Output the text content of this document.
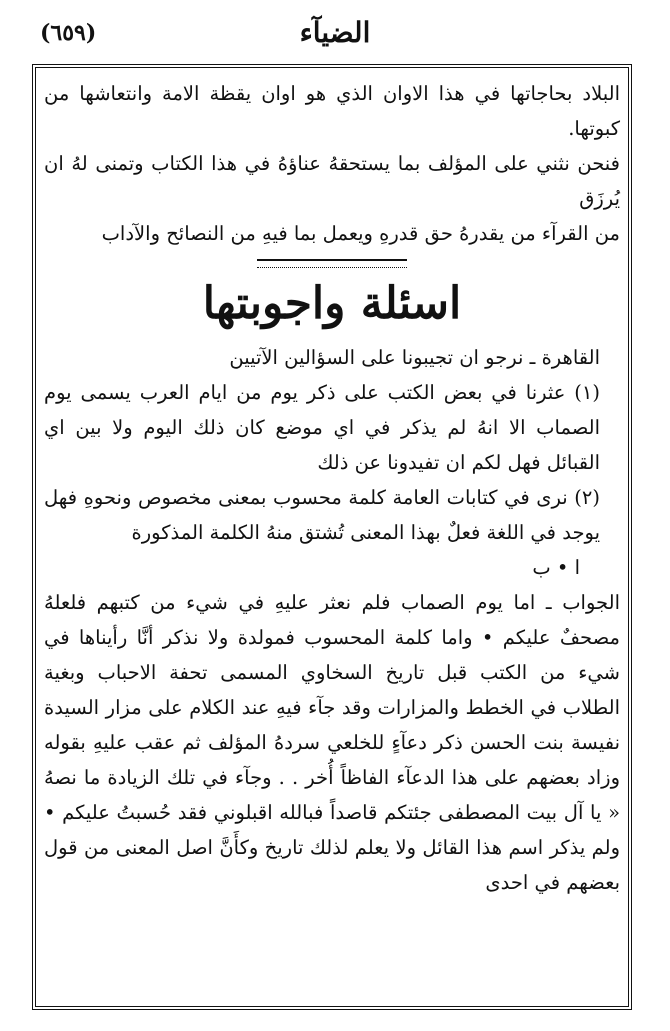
(٦٥٩)	الضيآء

البلاد بحاجاتها في هذا الاوان الذي هو اوان يقظة الامة وانتعاشها من كبوتها.

فنحن نثني على المؤلف بما يستحقهُ عناؤهُ في هذا الكتاب وتمنى لهُ ان يُرزَق

من القرآء من يقدرهُ حق قدرهِ ويعمل بما فيهِ من النصائح والآداب

اسئلة واجوبتها

القاهرة ـ نرجو ان تجيبونا على السؤالين الآتيين

(١) عثرنا في بعض الكتب على ذكر يوم من ايام العرب يسمى يوم الصماب الا انهُ لم يذكر في اي موضع كان ذلك اليوم ولا بين اي القبائل فهل لكم ان تفيدونا عن ذلك

(٢) نرى في كتابات العامة كلمة محسوب بمعنى مخصوص ونحوهِ فهل يوجد في اللغة فعلٌ بهذا المعنى تُشتق منهُ الكلمة المذكورة

ا • ب

الجواب ـ اما يوم الصماب فلم نعثر عليهِ في شيء من كتبهم فلعلهُ مصحفٌ عليكم • واما كلمة المحسوب فمولدة ولا نذكر أنَّا رأيناها في شيء من الكتب قبل تاريخ السخاوي المسمى تحفة الاحباب وبغية الطلاب في الخطط والمزارات وقد جآء فيهِ عند الكلام على مزار السيدة نفيسة بنت الحسن ذكر دعآءٍ للخلعي سردهُ المؤلف ثم عقب عليهِ بقوله وزاد بعضهم على هذا الدعآء الفاظاً أُخر . . وجآء في تلك الزيادة ما نصهُ « يا آل بيت المصطفى جئتكم قاصداً فبالله اقبلوني فقد حُسبتُ عليكم • ولم يذكر اسم هذا القائل ولا يعلم لذلك تاريخ وكأَنَّ اصل المعنى من قول بعضهم في احدى
